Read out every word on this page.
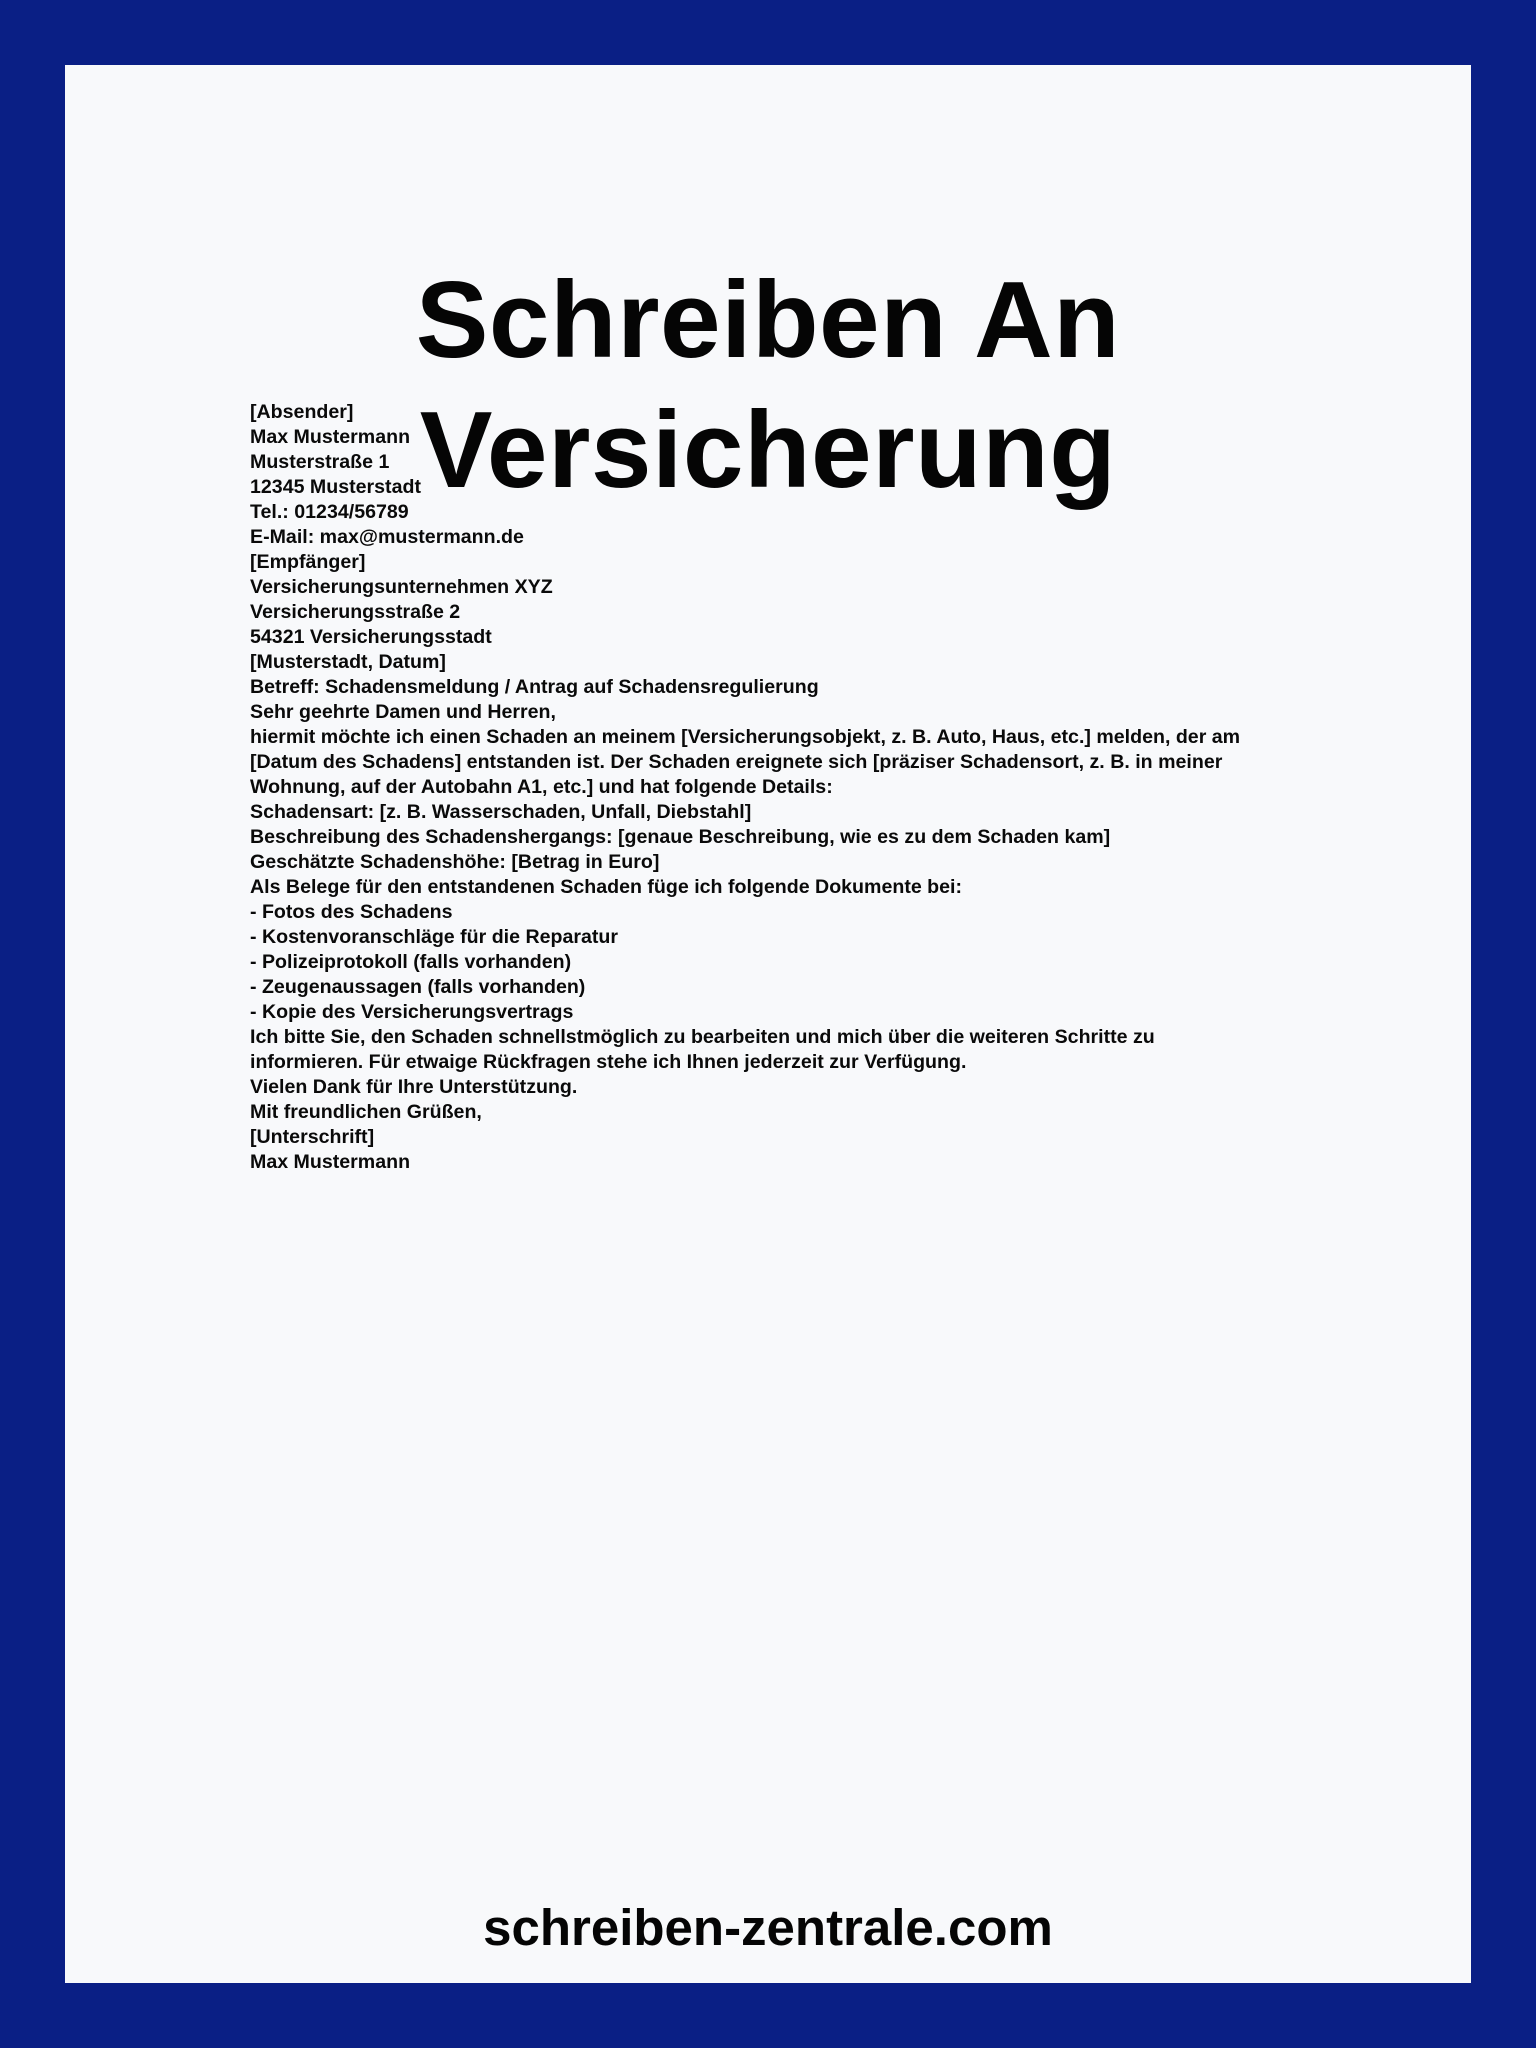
Schreiben An Versicherung
[Absender]
Max Mustermann
Musterstraße 1
12345 Musterstadt
Tel.: 01234/56789
E-Mail: max@mustermann.de
[Empfänger]
Versicherungsunternehmen XYZ
Versicherungsstraße 2
54321 Versicherungsstadt
[Musterstadt, Datum]
Betreff: Schadensmeldung / Antrag auf Schadensregulierung
Sehr geehrte Damen und Herren,
hiermit möchte ich einen Schaden an meinem [Versicherungsobjekt, z. B. Auto, Haus, etc.] melden, der am
[Datum des Schadens] entstanden ist. Der Schaden ereignete sich [präziser Schadensort, z. B. in meiner
Wohnung, auf der Autobahn A1, etc.] und hat folgende Details:
Schadensart: [z. B. Wasserschaden, Unfall, Diebstahl]
Beschreibung des Schadenshergangs: [genaue Beschreibung, wie es zu dem Schaden kam]
Geschätzte Schadenshöhe: [Betrag in Euro]
Als Belege für den entstandenen Schaden füge ich folgende Dokumente bei:
- Fotos des Schadens
- Kostenvoranschläge für die Reparatur
- Polizeiprotokoll (falls vorhanden)
- Zeugenaussagen (falls vorhanden)
- Kopie des Versicherungsvertrags
Ich bitte Sie, den Schaden schnellstmöglich zu bearbeiten und mich über die weiteren Schritte zu
informieren. Für etwaige Rückfragen stehe ich Ihnen jederzeit zur Verfügung.
Vielen Dank für Ihre Unterstützung.
Mit freundlichen Grüßen,
[Unterschrift]
Max Mustermann
schreiben-zentrale.com
